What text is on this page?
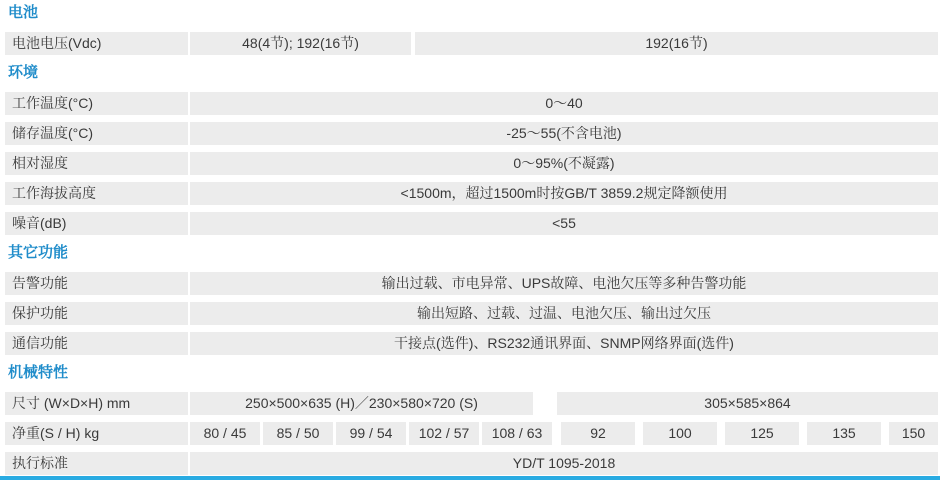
电池
电池电压(Vdc)	48(4节); 192(16节)	192(16节)
环境
工作温度(°C)	0～40
储存温度(°C)	-25～55(不含电池)
相对湿度	0～95%(不凝露)
工作海拔高度	<1500m，超过1500m时按GB/T 3859.2规定降额使用
噪音(dB)	<55
其它功能
告警功能	输出过载、市电异常、UPS故障、电池欠压等多种告警功能
保护功能	输出短路、过载、过温、电池欠压、输出过欠压
通信功能	干接点(选件)、RS232通讯界面、SNMP网络界面(选件)
机械特性
尺寸 (W×D×H) mm	250×500×635 (H)／230×580×720 (S)	305×585×864
净重(S / H) kg	80 / 45	85 / 50	99 / 54	102 / 57	108 / 63	92	100	125	135	150
执行标准	YD/T 1095-2018
